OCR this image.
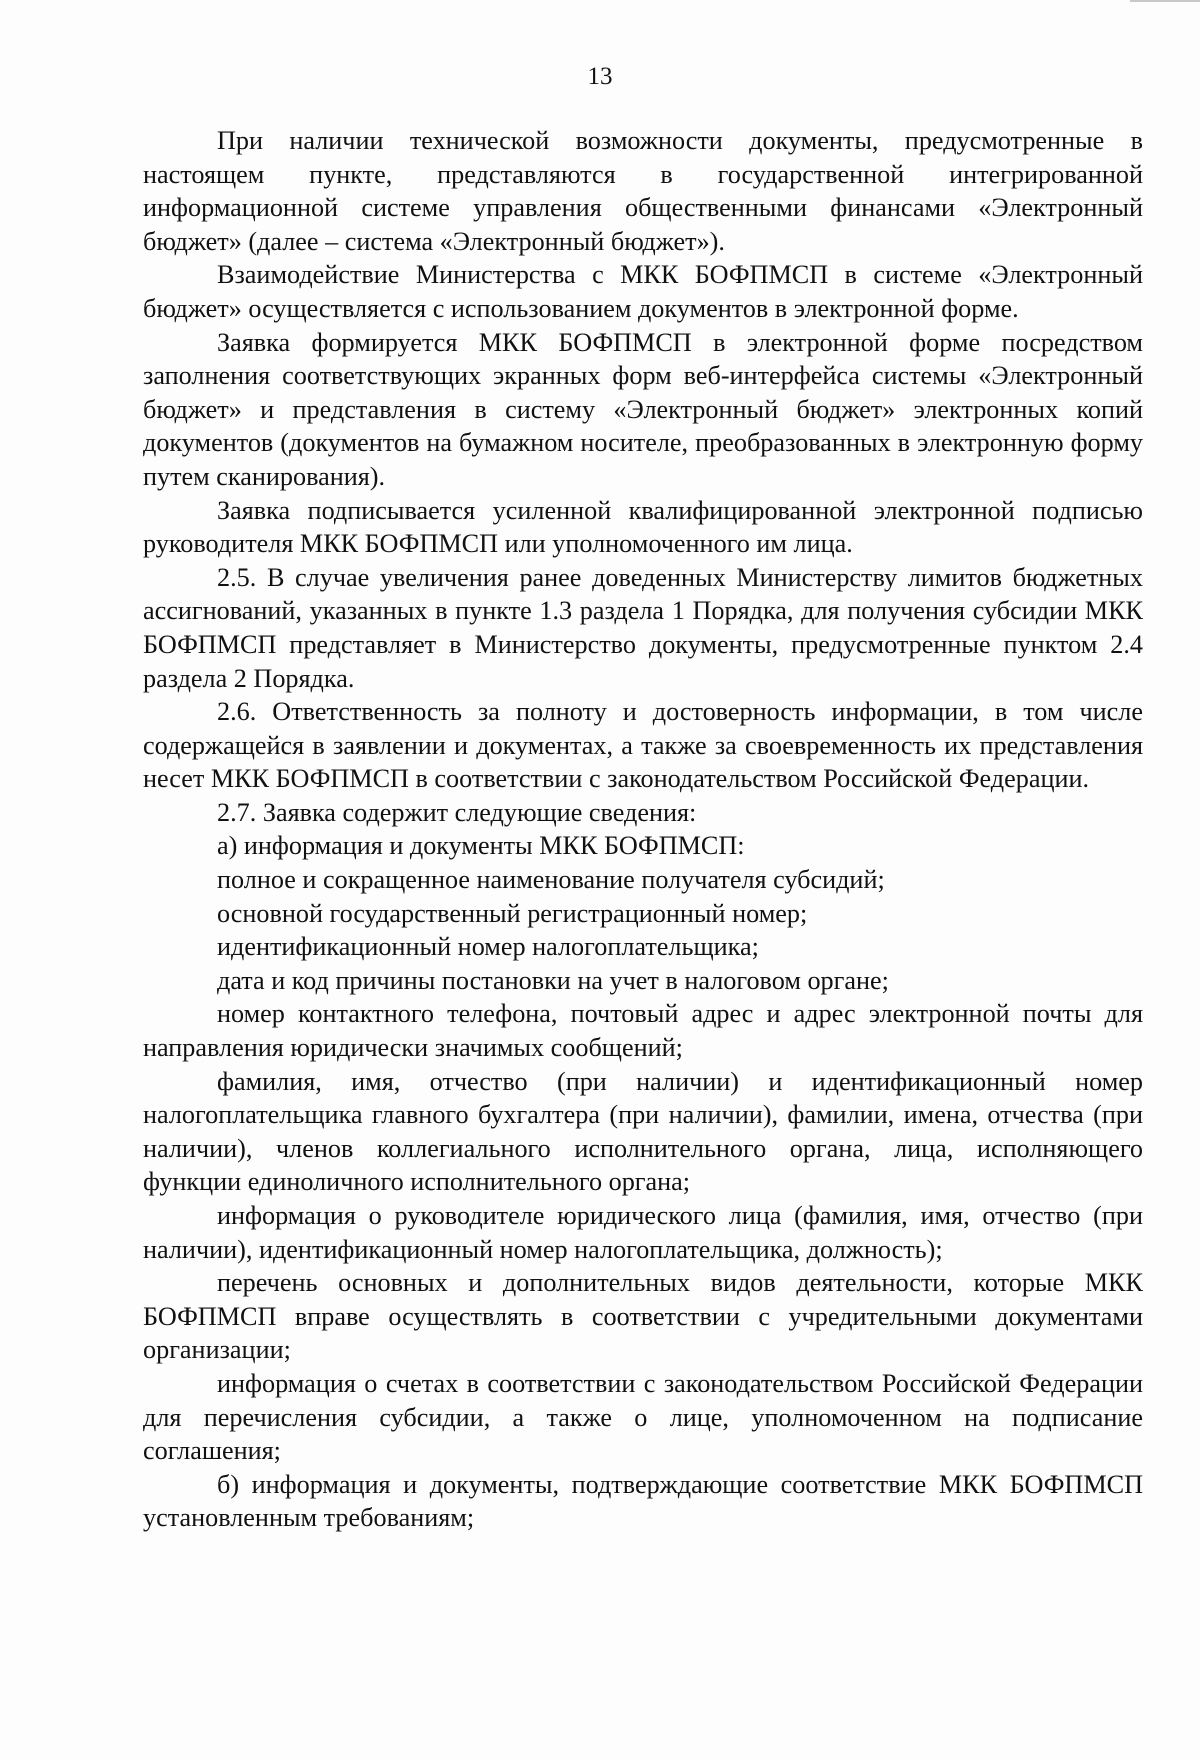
13

При наличии технической возможности документы, предусмотренные в настоящем пункте, представляются в государственной интегрированной информационной системе управления общественными финансами «Электронный бюджет» (далее – система «Электронный бюджет»).

Взаимодействие Министерства с МКК БОФПМСП в системе «Электронный бюджет» осуществляется с использованием документов в электронной форме.

Заявка формируется МКК БОФПМСП в электронной форме посредством заполнения соответствующих экранных форм веб-интерфейса системы «Электронный бюджет» и представления в систему «Электронный бюджет» электронных копий документов (документов на бумажном носителе, преобразованных в электронную форму путем сканирования).

Заявка подписывается усиленной квалифицированной электронной подписью руководителя МКК БОФПМСП или уполномоченного им лица.

2.5. В случае увеличения ранее доведенных Министерству лимитов бюджетных ассигнований, указанных в пункте 1.3 раздела 1 Порядка, для получения субсидии МКК БОФПМСП представляет в Министерство документы, предусмотренные пунктом 2.4 раздела 2 Порядка.

2.6. Ответственность за полноту и достоверность информации, в том числе содержащейся в заявлении и документах, а также за своевременность их представления несет МКК БОФПМСП в соответствии с законодательством Российской Федерации.

2.7. Заявка содержит следующие сведения:

а) информация и документы МКК БОФПМСП:

полное и сокращенное наименование получателя субсидий;

основной государственный регистрационный номер;

идентификационный номер налогоплательщика;

дата и код причины постановки на учет в налоговом органе;

номер контактного телефона, почтовый адрес и адрес электронной почты для направления юридически значимых сообщений;

фамилия, имя, отчество (при наличии) и идентификационный номер налогоплательщика главного бухгалтера (при наличии), фамилии, имена, отчества (при наличии), членов коллегиального исполнительного органа, лица, исполняющего функции единоличного исполнительного органа;

информация о руководителе юридического лица (фамилия, имя, отчество (при наличии), идентификационный номер налогоплательщика, должность);

перечень основных и дополнительных видов деятельности, которые МКК БОФПМСП вправе осуществлять в соответствии с учредительными документами организации;

информация о счетах в соответствии с законодательством Российской Федерации для перечисления субсидии, а также о лице, уполномоченном на подписание соглашения;

б) информация и документы, подтверждающие соответствие МКК БОФПМСП установленным требованиям;
